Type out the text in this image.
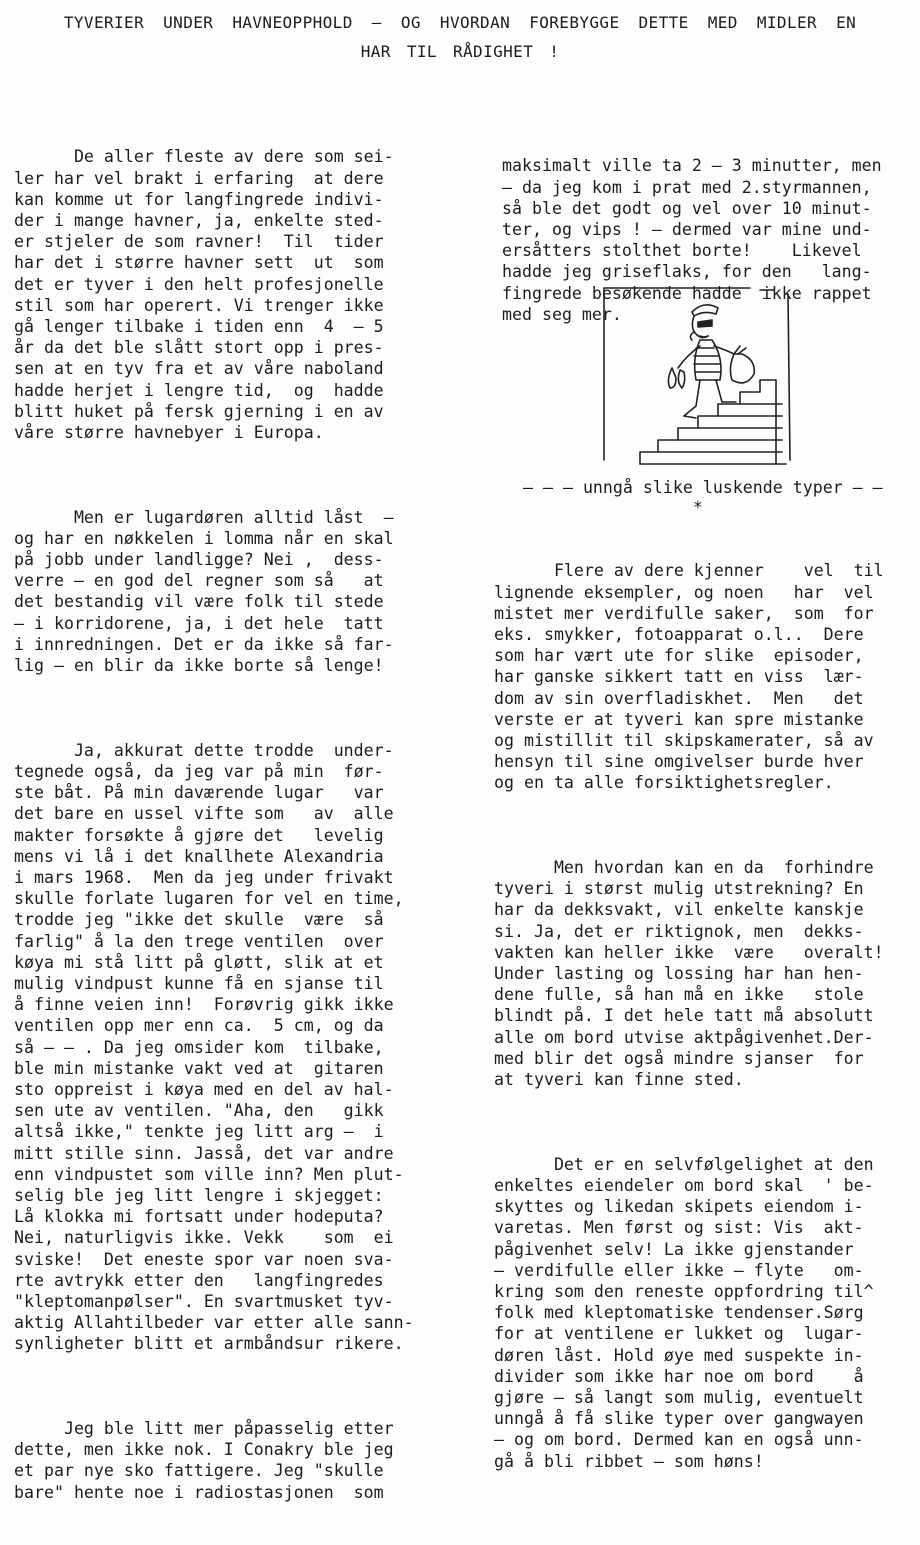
TYVERIER UNDER HAVNEOPPHOLD – OG HVORDAN FOREBYGGE DETTE MED MIDLER EN
HAR TIL RÅDIGHET !

De aller fleste av dere som sei-
ler har vel brakt i erfaring  at dere
kan komme ut for langfingrede indivi-
der i mange havner, ja, enkelte sted-
er stjeler de som ravner!  Til  tider
har det i større havner sett  ut  som
det er tyver i den helt profesjonelle
stil som har operert. Vi trenger ikke
gå lenger tilbake i tiden enn  4  – 5
år da det ble slått stort opp i pres-
sen at en tyv fra et av våre naboland
hadde herjet i lengre tid,  og  hadde
blitt huket på fersk gjerning i en av
våre større havnebyer i Europa.

Men er lugardøren alltid låst  –
og har en nøkkelen i lomma når en skal
på jobb under landligge? Nei ,  dess-
verre – en god del regner som så   at
det bestandig vil være folk til stede
– i korridorene, ja, i det hele  tatt
i innredningen. Det er da ikke så far-
lig – en blir da ikke borte så lenge!

Ja, akkurat dette trodde  under-
tegnede også, da jeg var på min  før-
ste båt. På min daværende lugar   var
det bare en ussel vifte som   av  alle
makter forsøkte å gjøre det   levelig
mens vi lå i det knallhete Alexandria
i mars 1968.  Men da jeg under frivakt
skulle forlate lugaren for vel en time,
trodde jeg "ikke det skulle  være  så
farlig" å la den trege ventilen  over
køya mi stå litt på gløtt, slik at et
mulig vindpust kunne få en sjanse til
å finne veien inn!  Forøvrig gikk ikke
ventilen opp mer enn ca.  5 cm, og da
så – – . Da jeg omsider kom  tilbake,
ble min mistanke vakt ved at  gitaren
sto oppreist i køya med en del av hal-
sen ute av ventilen. "Aha, den   gikk
altså ikke," tenkte jeg litt arg –  i
mitt stille sinn. Jasså, det var andre
enn vindpustet som ville inn? Men plut-
selig ble jeg litt lengre i skjegget:
Lå klokka mi fortsatt under hodeputa?
Nei, naturligvis ikke. Vekk    som  ei
sviske!  Det eneste spor var noen sva-
rte avtrykk etter den   langfingredes
"kleptomanpølser". En svartmusket tyv-
aktig Allahtilbeder var etter alle sann-
synligheter blitt et armbåndsur rikere.

Jeg ble litt mer påpasselig etter
dette, men ikke nok. I Conakry ble jeg
et par nye sko fattigere. Jeg "skulle
bare" hente noe i radiostasjonen  som

maksimalt ville ta 2 – 3 minutter, men
– da jeg kom i prat med 2.styrmannen,
så ble det godt og vel over 10 minut-
ter, og vips ! – dermed var mine und-
ersåtters stolthet borte!    Likevel
hadde jeg griseflaks, for den   lang-
fingrede besøkende hadde  ikke rappet
med seg mer.

– – – unngå slike luskende typer – –
*

Flere av dere kjenner    vel  til
lignende eksempler, og noen   har  vel
mistet mer verdifulle saker,  som  for
eks. smykker, fotoapparat o.l..  Dere
som har vært ute for slike  episoder,
har ganske sikkert tatt en viss  lær-
dom av sin overfladiskhet.  Men   det
verste er at tyveri kan spre mistanke
og mistillit til skipskamerater, så av
hensyn til sine omgivelser burde hver
og en ta alle forsiktighetsregler.

Men hvordan kan en da  forhindre
tyveri i størst mulig utstrekning? En
har da dekksvakt, vil enkelte kanskje
si. Ja, det er riktignok, men  dekks-
vakten kan heller ikke  være   overalt!
Under lasting og lossing har han hen-
dene fulle, så han må en ikke   stole
blindt på. I det hele tatt må absolutt
alle om bord utvise aktpågivenhet.Der-
med blir det også mindre sjanser  for
at tyveri kan finne sted.

Det er en selvfølgelighet at den
enkeltes eiendeler om bord skal  ' be-
skyttes og likedan skipets eiendom i-
varetas. Men først og sist: Vis  akt-
pågivenhet selv! La ikke gjenstander
– verdifulle eller ikke – flyte   om-
kring som den reneste oppfordring til^
folk med kleptomatiske tendenser.Sørg
for at ventilene er lukket og  lugar-
døren låst. Hold øye med suspekte in-
divider som ikke har noe om bord    å
gjøre – så langt som mulig, eventuelt
unngå å få slike typer over gangwayen
– og om bord. Dermed kan en også unn-
gå å bli ribbet – som høns!
